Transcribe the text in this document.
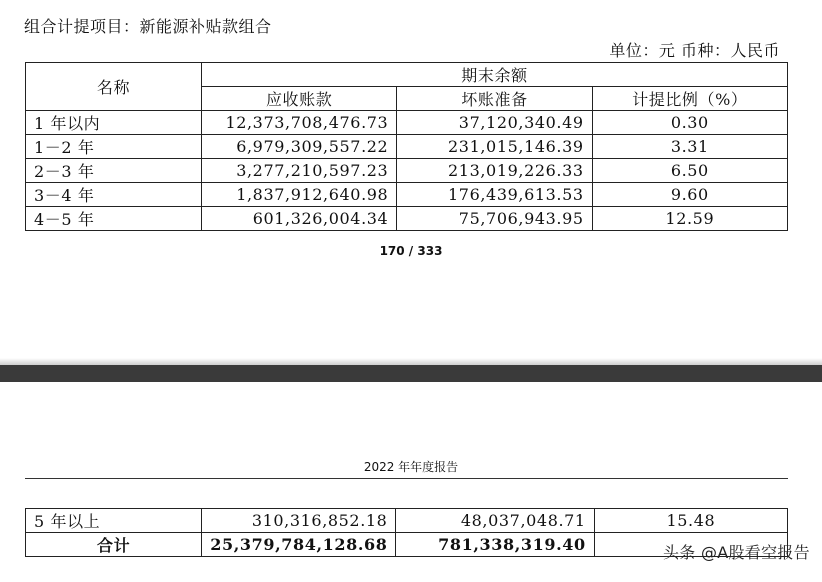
组合计提项目：新能源补贴款组合
单位：元 币种：人民币
名称	期末余额		
	应收账款	坏账准备	计提比例（%）
1 年以内	12,373,708,476.73	37,120,340.49	0.30
1－2 年	6,979,309,557.22	231,015,146.39	3.31
2－3 年	3,277,210,597.23	213,019,226.33	6.50
3－4 年	1,837,912,640.98	176,439,613.53	9.60
4－5 年	601,326,004.34	75,706,943.95	12.59
170 / 333
2022 年年度报告
5 年以上	310,316,852.18	48,037,048.71	15.48
合计	25,379,784,128.68	781,338,319.40		头条 @A股看空报告
